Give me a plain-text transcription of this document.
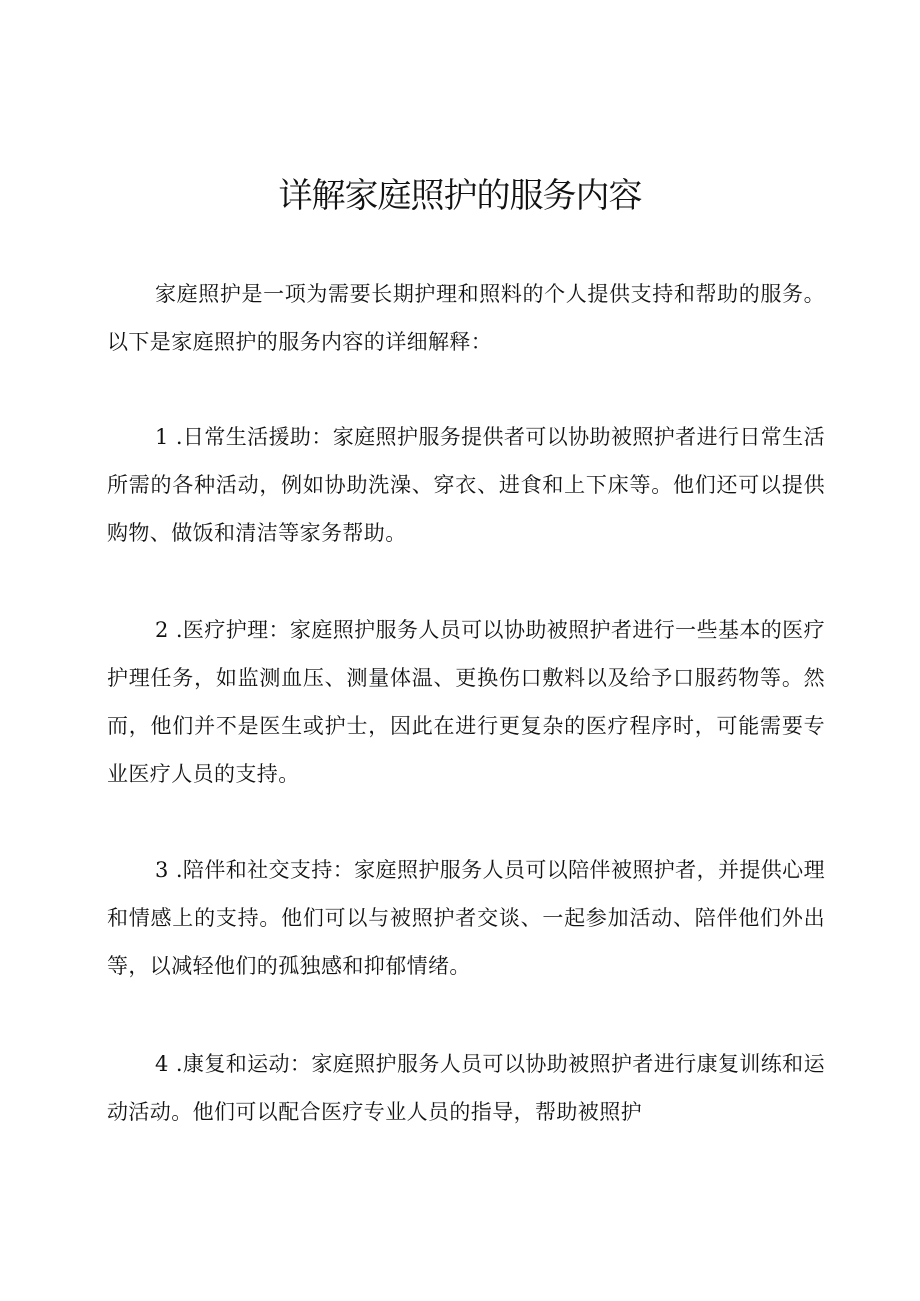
详解家庭照护的服务内容

家庭照护是一项为需要长期护理和照料的个人提供支持和帮助的服务。以下是家庭照护的服务内容的详细解释：

1 .日常生活援助：家庭照护服务提供者可以协助被照护者进行日常生活所需的各种活动，例如协助洗澡、穿衣、进食和上下床等。他们还可以提供购物、做饭和清洁等家务帮助。

2 .医疗护理：家庭照护服务人员可以协助被照护者进行一些基本的医疗护理任务，如监测血压、测量体温、更换伤口敷料以及给予口服药物等。然而，他们并不是医生或护士，因此在进行更复杂的医疗程序时，可能需要专业医疗人员的支持。

3 .陪伴和社交支持：家庭照护服务人员可以陪伴被照护者，并提供心理和情感上的支持。他们可以与被照护者交谈、一起参加活动、陪伴他们外出等，以减轻他们的孤独感和抑郁情绪。

4 .康复和运动：家庭照护服务人员可以协助被照护者进行康复训练和运动活动。他们可以配合医疗专业人员的指导，帮助被照护
